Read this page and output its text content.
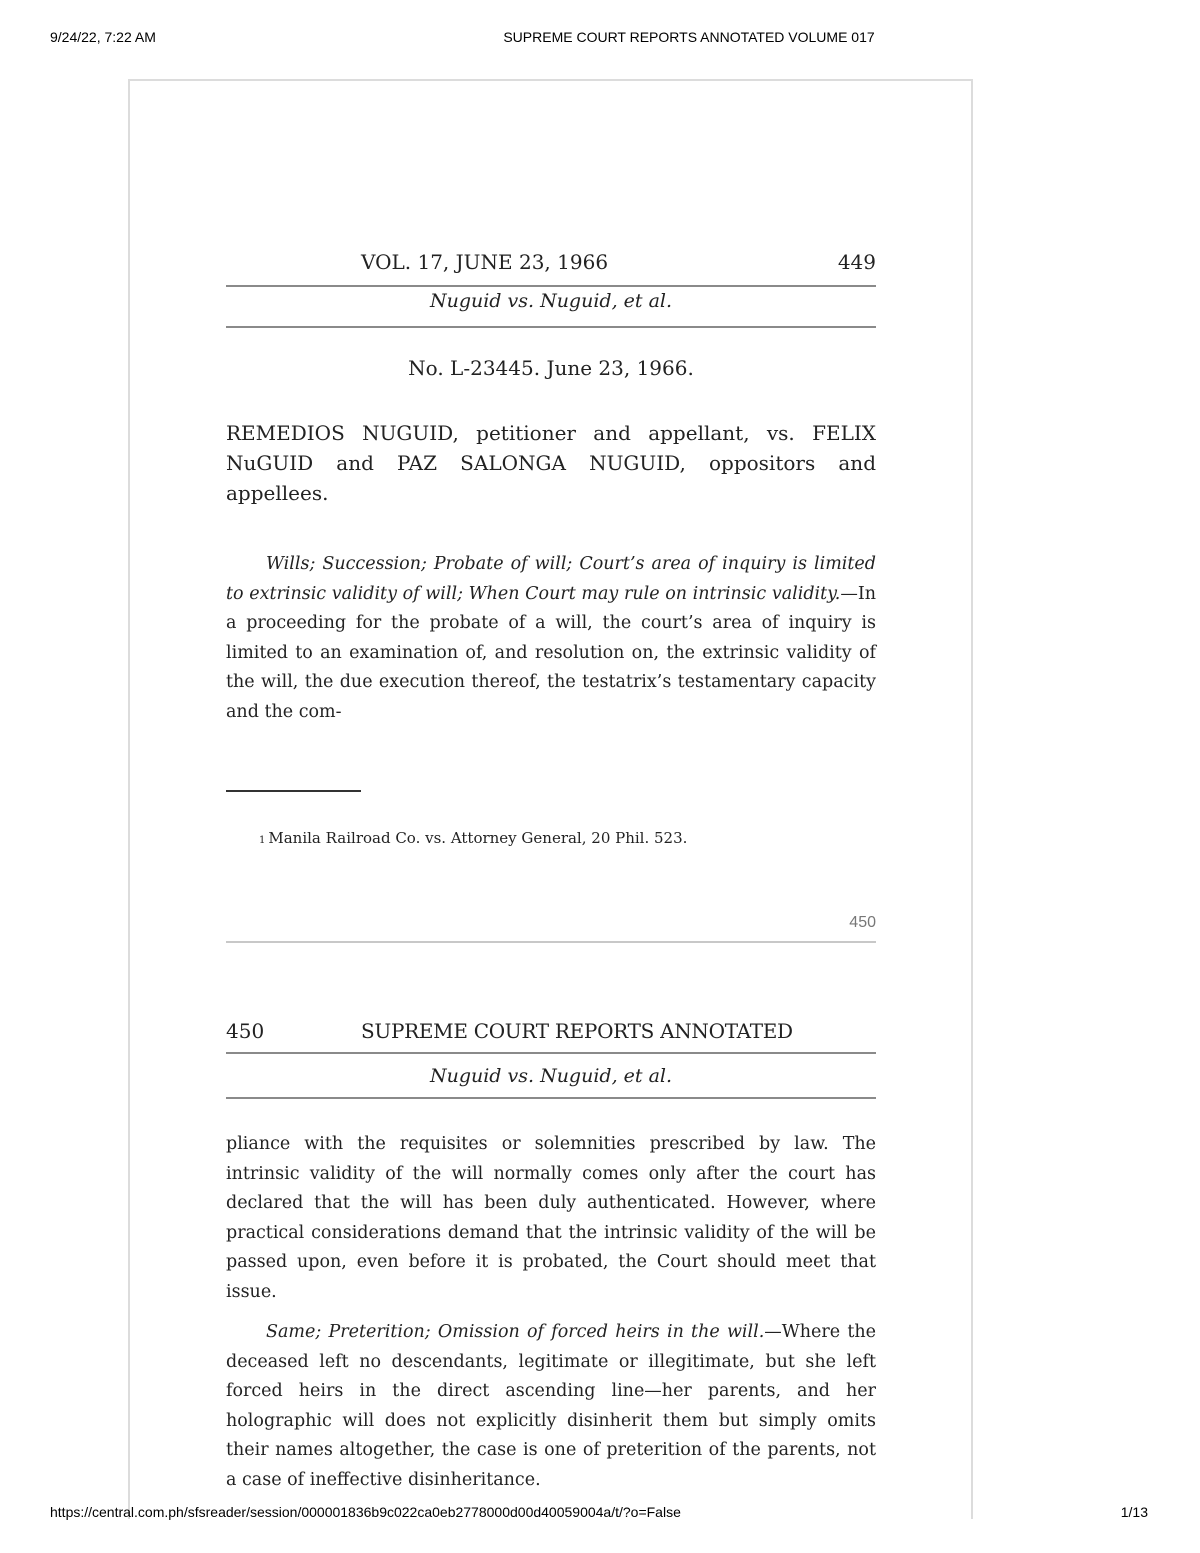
9/24/22, 7:22 AM	SUPREME COURT REPORTS ANNOTATED VOLUME 017
VOL. 17, JUNE 23, 1966	449
Nuguid vs. Nuguid, et al.
No. L-23445. June 23, 1966.

REMEDIOS NUGUID, petitioner and appellant, vs. FELIX NuGUID and PAZ SALONGA NUGUID, oppositors and appellees.

Wills; Succession; Probate of will; Court’s area of inquiry is limited to extrinsic validity of will; When Court may rule on intrinsic validity.—In a proceeding for the probate of a will, the court’s area of inquiry is limited to an examination of, and resolution on, the extrinsic validity of the will, the due execution thereof, the testatrix’s testamentary capacity and the com-

1 Manila Railroad Co. vs. Attorney General, 20 Phil. 523.
450
450	SUPREME COURT REPORTS ANNOTATED
Nuguid vs. Nuguid, et al.

pliance with the requisites or solemnities prescribed by law. The intrinsic validity of the will normally comes only after the court has declared that the will has been duly authenticated. However, where practical considerations demand that the intrinsic validity of the will be passed upon, even before it is probated, the Court should meet that issue.

Same; Preterition; Omission of forced heirs in the will.—Where the deceased left no descendants, legitimate or illegitimate, but she left forced heirs in the direct ascending line—her parents, and her holographic will does not explicitly disinherit them but simply omits their names altogether, the case is one of preterition of the parents, not a case of ineffective disinheritance.

https://central.com.ph/sfsreader/session/000001836b9c022ca0eb2778000d00d40059004a/t/?o=False	1/13
